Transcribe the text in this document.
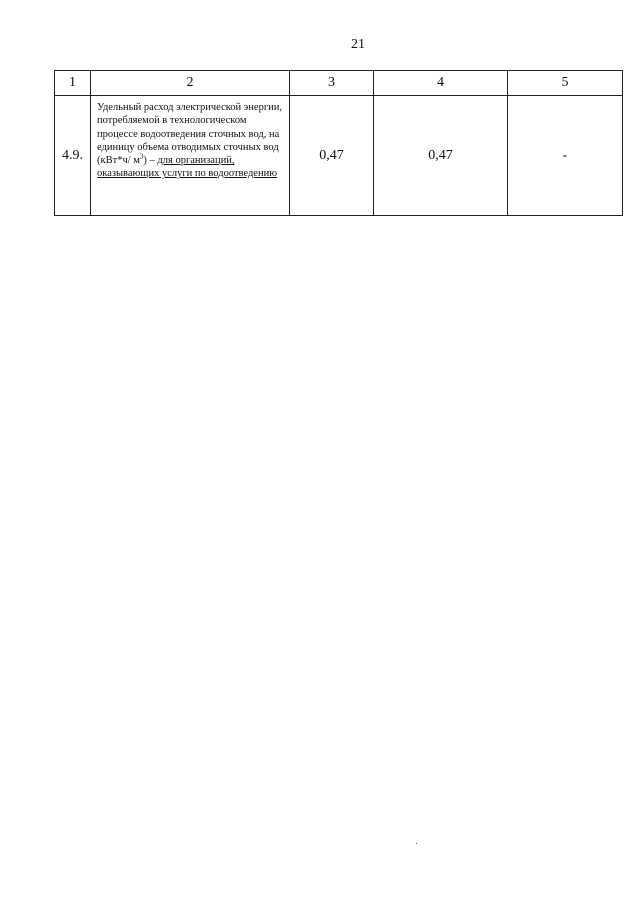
21
1	2	3	4	5
4.9.	Удельный расход электрической энергии, потребляемой в технологическом процессе водоотведения сточных вод, на единицу объема отводимых сточных вод (кВт*ч/ $м^3$) – для организаций, оказывающих услуги по водоотведению	0,47	0,47	-
